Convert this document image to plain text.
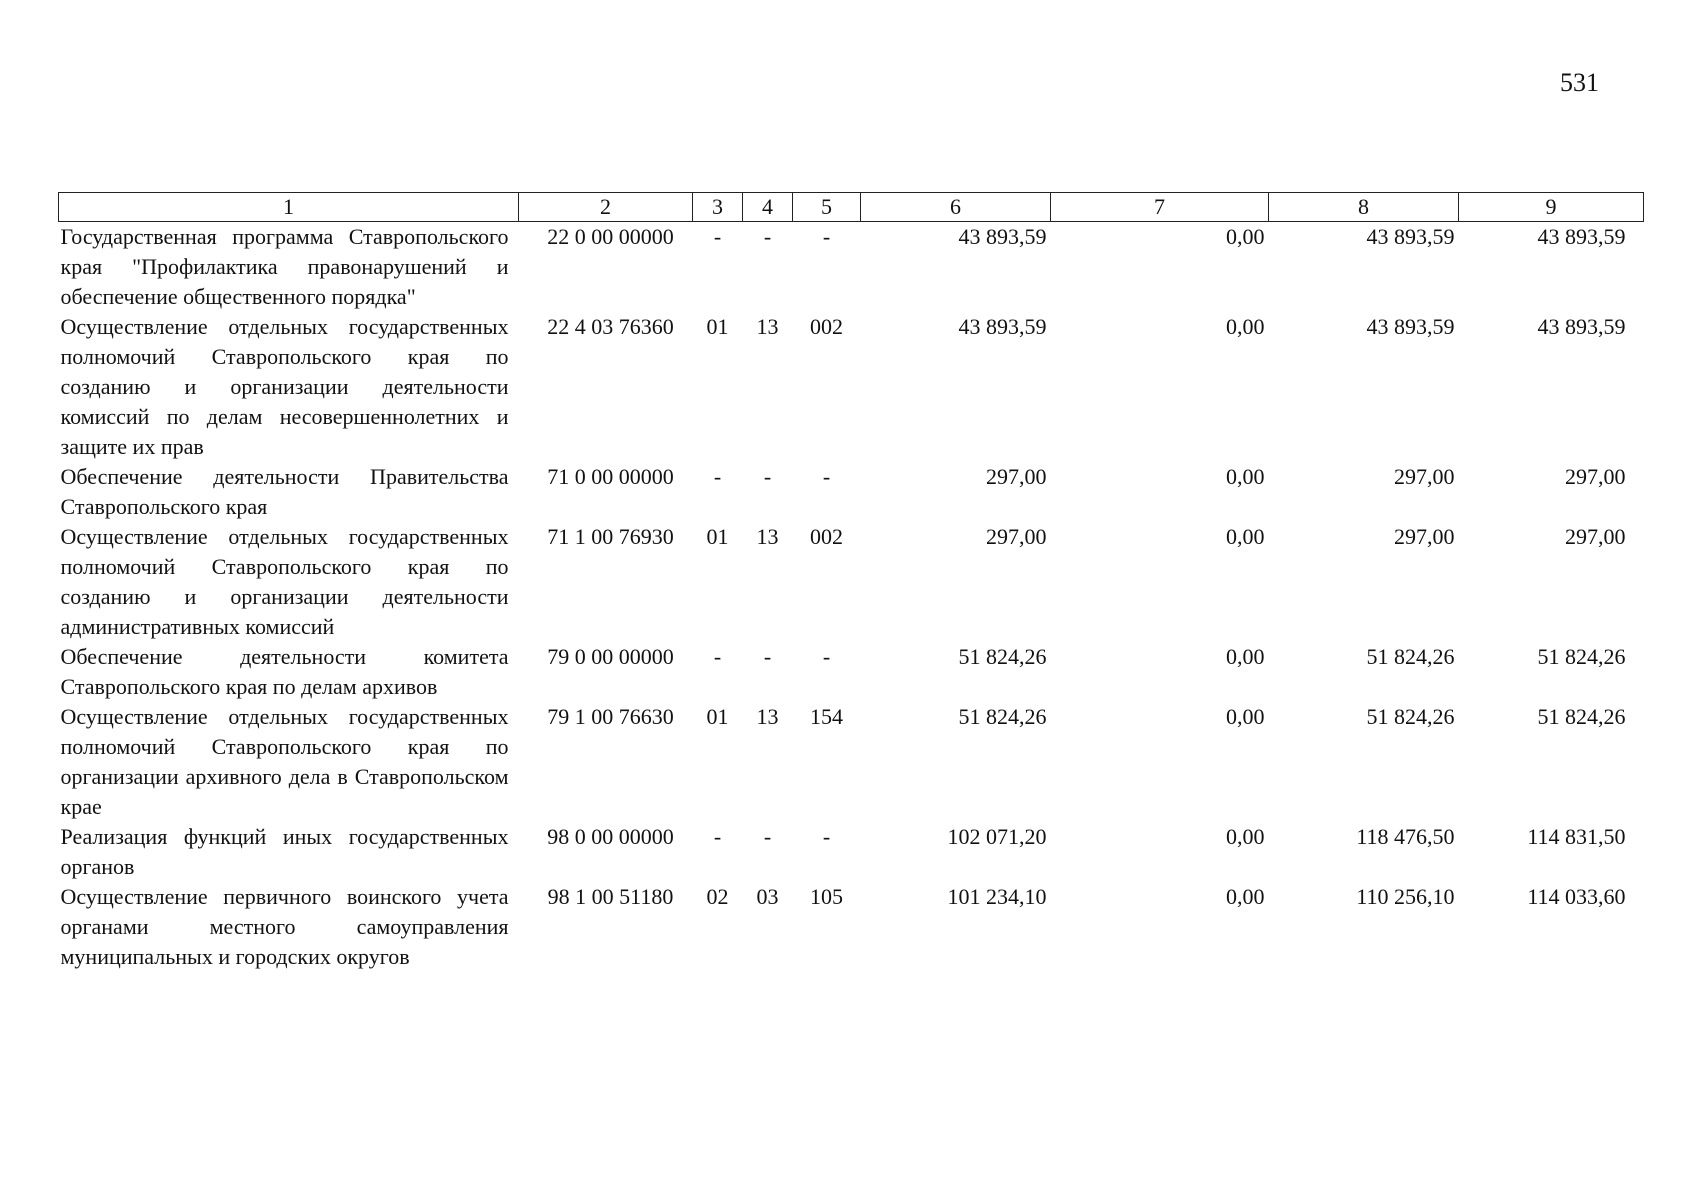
531
1	2	3	4	5	6	7	8	9
Государственная программа Ставропольского края "Профилактика правонарушений и обеспечение общественного порядка"	22 0 00 00000	-	-	-	43 893,59	0,00	43 893,59	43 893,59
Осуществление отдельных государственных полномочий Ставропольского края по созданию и организации деятельности комиссий по делам несовершеннолетних и защите их прав	22 4 03 76360	01	13	002	43 893,59	0,00	43 893,59	43 893,59
Обеспечение деятельности Правительства Ставропольского края	71 0 00 00000	-	-	-	297,00	0,00	297,00	297,00
Осуществление отдельных государственных полномочий Ставропольского края по созданию и организации деятельности административных комиссий	71 1 00 76930	01	13	002	297,00	0,00	297,00	297,00
Обеспечение деятельности комитета Ставропольского края по делам архивов	79 0 00 00000	-	-	-	51 824,26	0,00	51 824,26	51 824,26
Осуществление отдельных государственных полномочий Ставропольского края по организации архивного дела в Ставропольском крае	79 1 00 76630	01	13	154	51 824,26	0,00	51 824,26	51 824,26
Реализация функций иных государственных органов	98 0 00 00000	-	-	-	102 071,20	0,00	118 476,50	114 831,50
Осуществление первичного воинского учета органами местного самоуправления муниципальных и городских округов	98 1 00 51180	02	03	105	101 234,10	0,00	110 256,10	114 033,60
